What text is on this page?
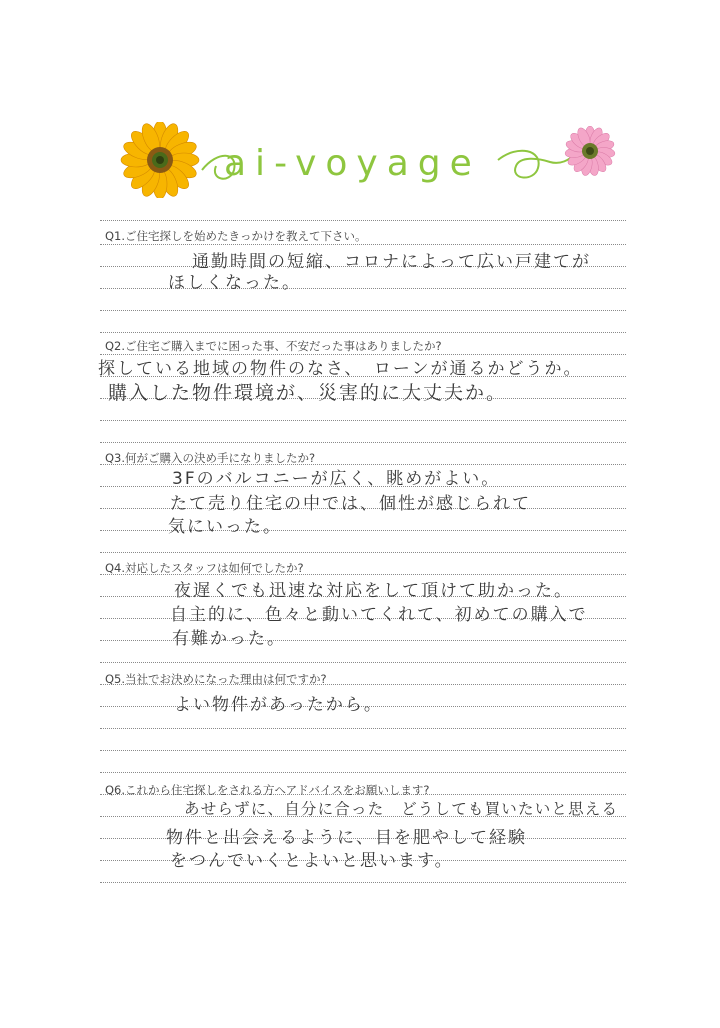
ai-voyage
Q1.ご住宅探しを始めたきっかけを教えて下さい。
通勤時間の短縮、コロナによって広い戸建てが
ほしくなった。
Q2.ご住宅ご購入までに困った事、不安だった事はありましたか?
探している地域の物件のなさ、　ローンが通るかどうか。
購入した物件環境が、災害的に大丈夫か。
Q3.何がご購入の決め手になりましたか?
3Fのバルコニーが広く、眺めがよい。
たて売り住宅の中では、個性が感じられて
気にいった。
Q4.対応したスタッフは如何でしたか?
夜遅くでも迅速な対応をして頂けて助かった。
自主的に、色々と動いてくれて、初めての購入で
有難かった。
Q5.当社でお決めになった理由は何ですか?
よい物件があったから。
Q6.これから住宅探しをされる方へアドバイスをお願いします?
あせらずに、自分に合った　どうしても買いたいと思える
物件と出会えるように、目を肥やして経験
をつんでいくとよいと思います。
